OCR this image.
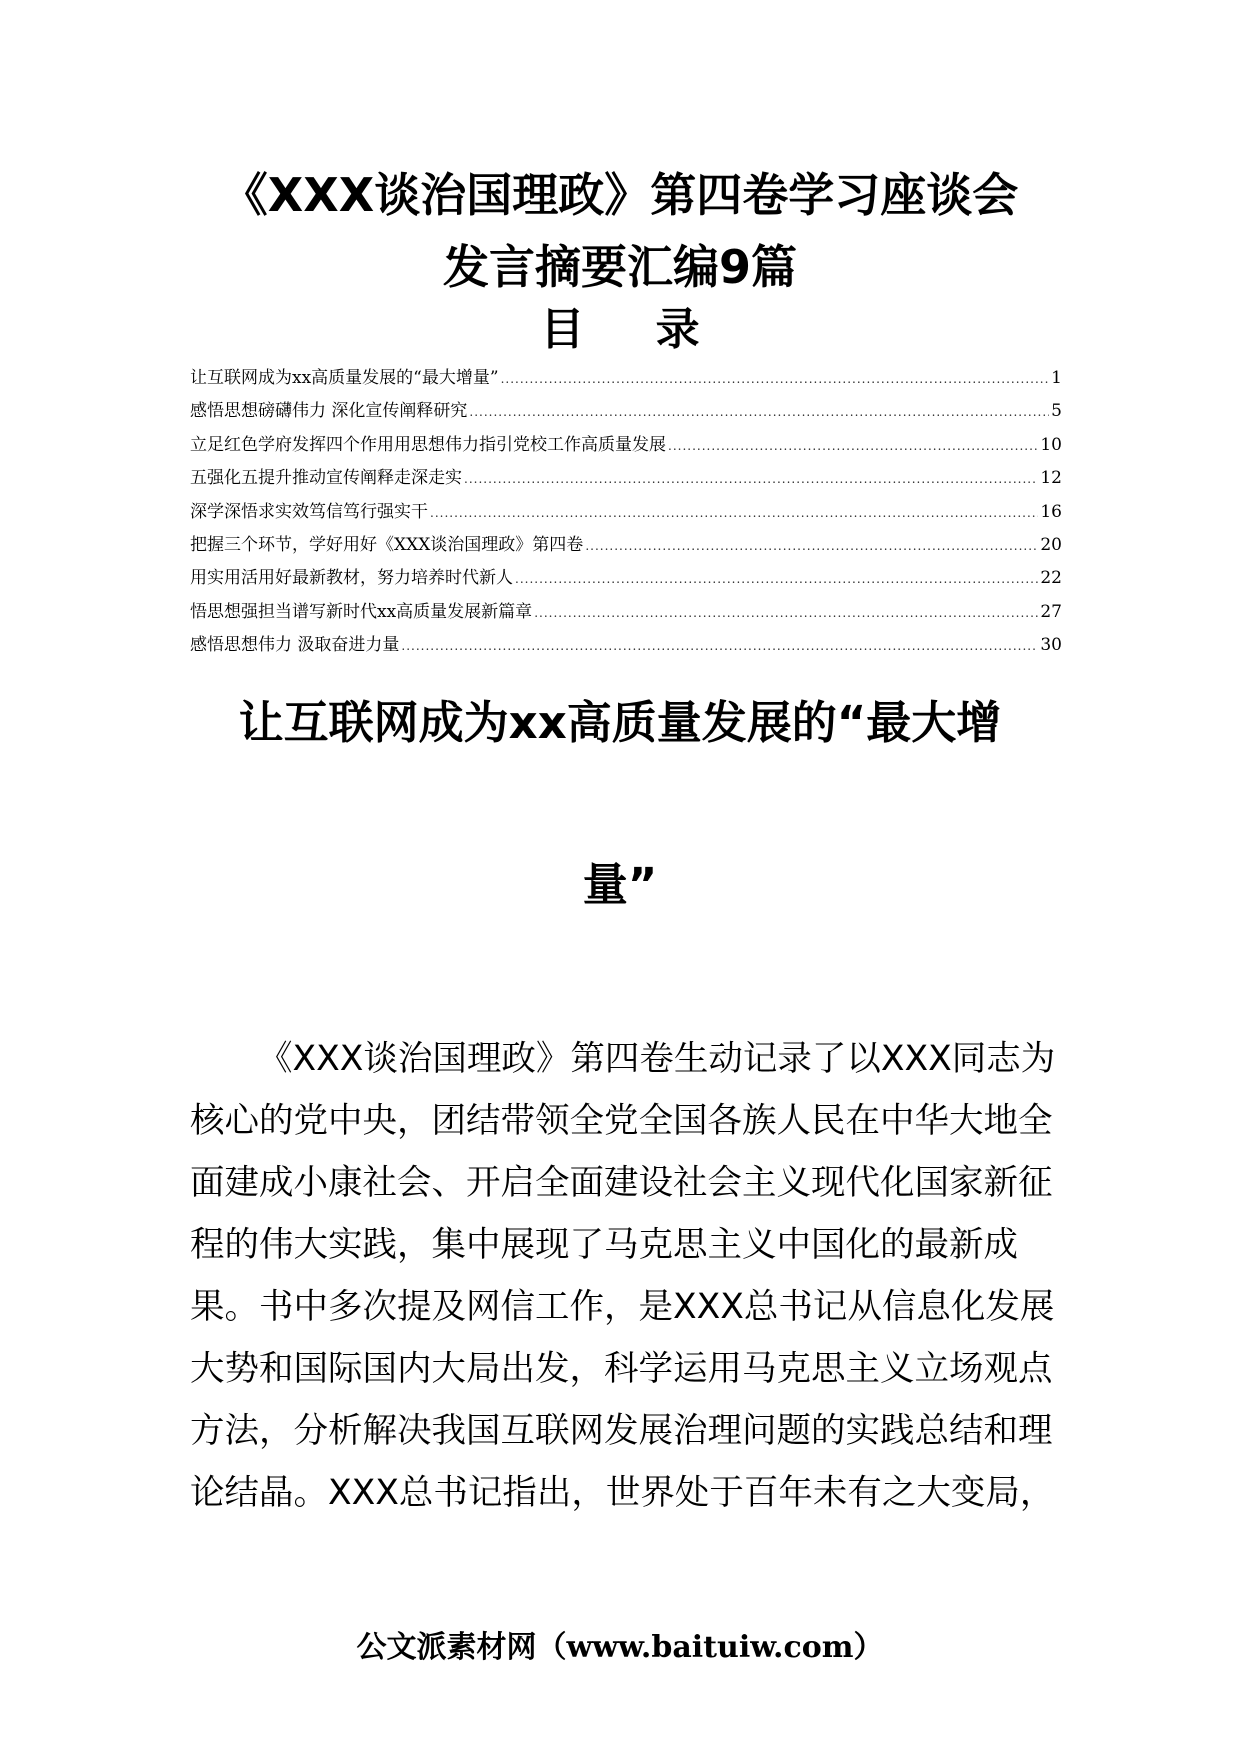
《XXX谈治国理政》第四卷学习座谈会
发言摘要汇编9篇
目 录
让互联网成为xx高质量发展的“最大增量” .....	1
感悟思想磅礴伟力 深化宣传阐释研究 .....	5
立足红色学府发挥四个作用用思想伟力指引党校工作高质量发展 .....	10
五强化五提升推动宣传阐释走深走实 .....	12
深学深悟求实效笃信笃行强实干 .....	16
把握三个环节，学好用好《XXX谈治国理政》第四卷 .....	20
用实用活用好最新教材，努力培养时代新人 .....	22
悟思想强担当谱写新时代xx高质量发展新篇章 .....	27
感悟思想伟力 汲取奋进力量 .....	30
让互联网成为xx高质量发展的“最大增
量”
《XXX谈治国理政》第四卷生动记录了以XXX同志为
核心的党中央，团结带领全党全国各族人民在中华大地全
面建成小康社会、开启全面建设社会主义现代化国家新征
程的伟大实践，集中展现了马克思主义中国化的最新成
果。书中多次提及网信工作，是XXX总书记从信息化发展
大势和国际国内大局出发，科学运用马克思主义立场观点
方法，分析解决我国互联网发展治理问题的实践总结和理
论结晶。XXX总书记指出，世界处于百年未有之大变局，
公文派素材网（www.baituiw.com）
